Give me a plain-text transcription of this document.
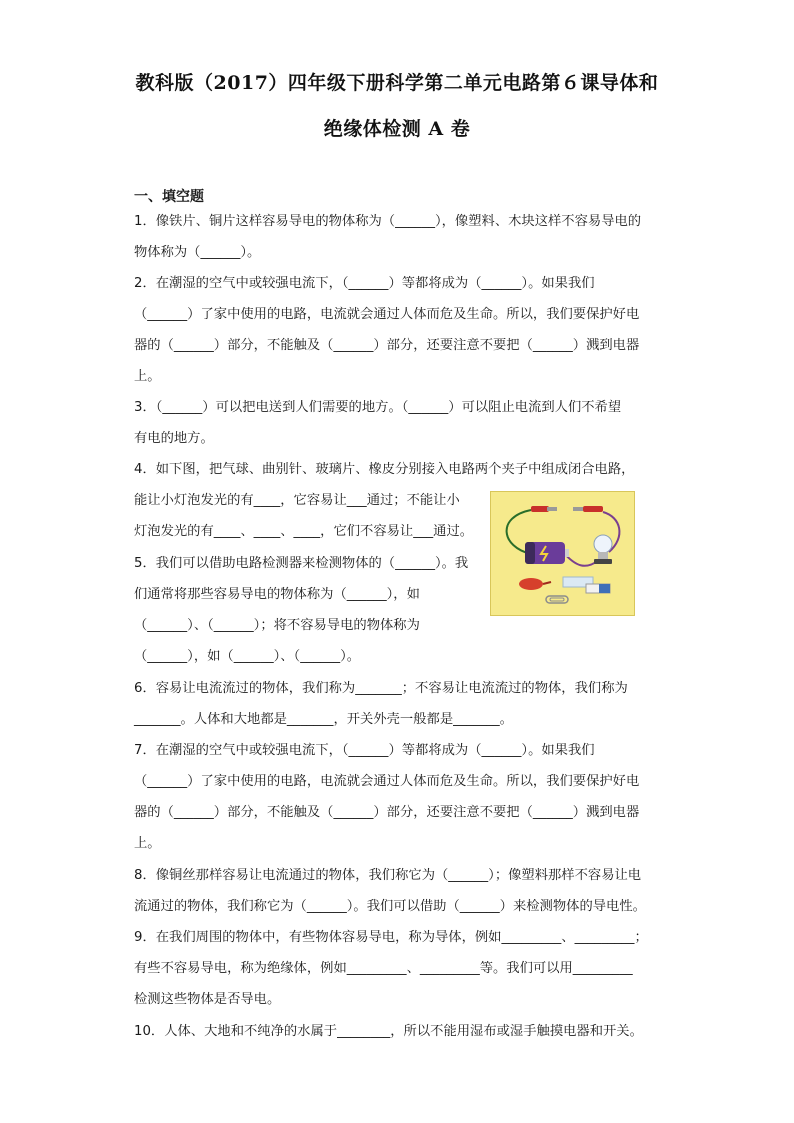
教科版（2017）四年级下册科学第二单元电路第６课导体和
绝缘体检测 A 卷
一、填空题
1．像铁片、铜片这样容易导电的物体称为（______），像塑料、木块这样不容易导电的
物体称为（______）。
2．在潮湿的空气中或较强电流下，（______）等都将成为（______）。如果我们
（______）了家中使用的电路，电流就会通过人体而危及生命。所以，我们要保护好电
器的（______）部分，不能触及（______）部分，还要注意不要把（______）溅到电器
上。
3．（______）可以把电送到人们需要的地方。（______）可以阻止电流到人们不希望
有电的地方。
4．如下图，把气球、曲别针、玻璃片、橡皮分别接入电路两个夹子中组成闭合电路，
能让小灯泡发光的有____，它容易让___通过；不能让小
灯泡发光的有____、____、____，它们不容易让___通过。
5．我们可以借助电路检测器来检测物体的（______）。我
们通常将那些容易导电的物体称为（______），如
（______）、（______）；将不容易导电的物体称为
（______），如（______）、（______）。
6．容易让电流流过的物体，我们称为_______；不容易让电流流过的物体，我们称为
_______。人体和大地都是_______，开关外壳一般都是_______。
7．在潮湿的空气中或较强电流下，（______）等都将成为（______）。如果我们
（______）了家中使用的电路，电流就会通过人体而危及生命。所以，我们要保护好电
器的（______）部分，不能触及（______）部分，还要注意不要把（______）溅到电器
上。
8．像铜丝那样容易让电流通过的物体，我们称它为（______）；像塑料那样不容易让电
流通过的物体，我们称它为（______）。我们可以借助（______）来检测物体的导电性。
9．在我们周围的物体中，有些物体容易导电，称为导体，例如_________、_________；
有些不容易导电，称为绝缘体，例如_________、_________等。我们可以用_________
检测这些物体是否导电。
10．人体、大地和不纯净的水属于________，所以不能用湿布或湿手触摸电器和开关。
